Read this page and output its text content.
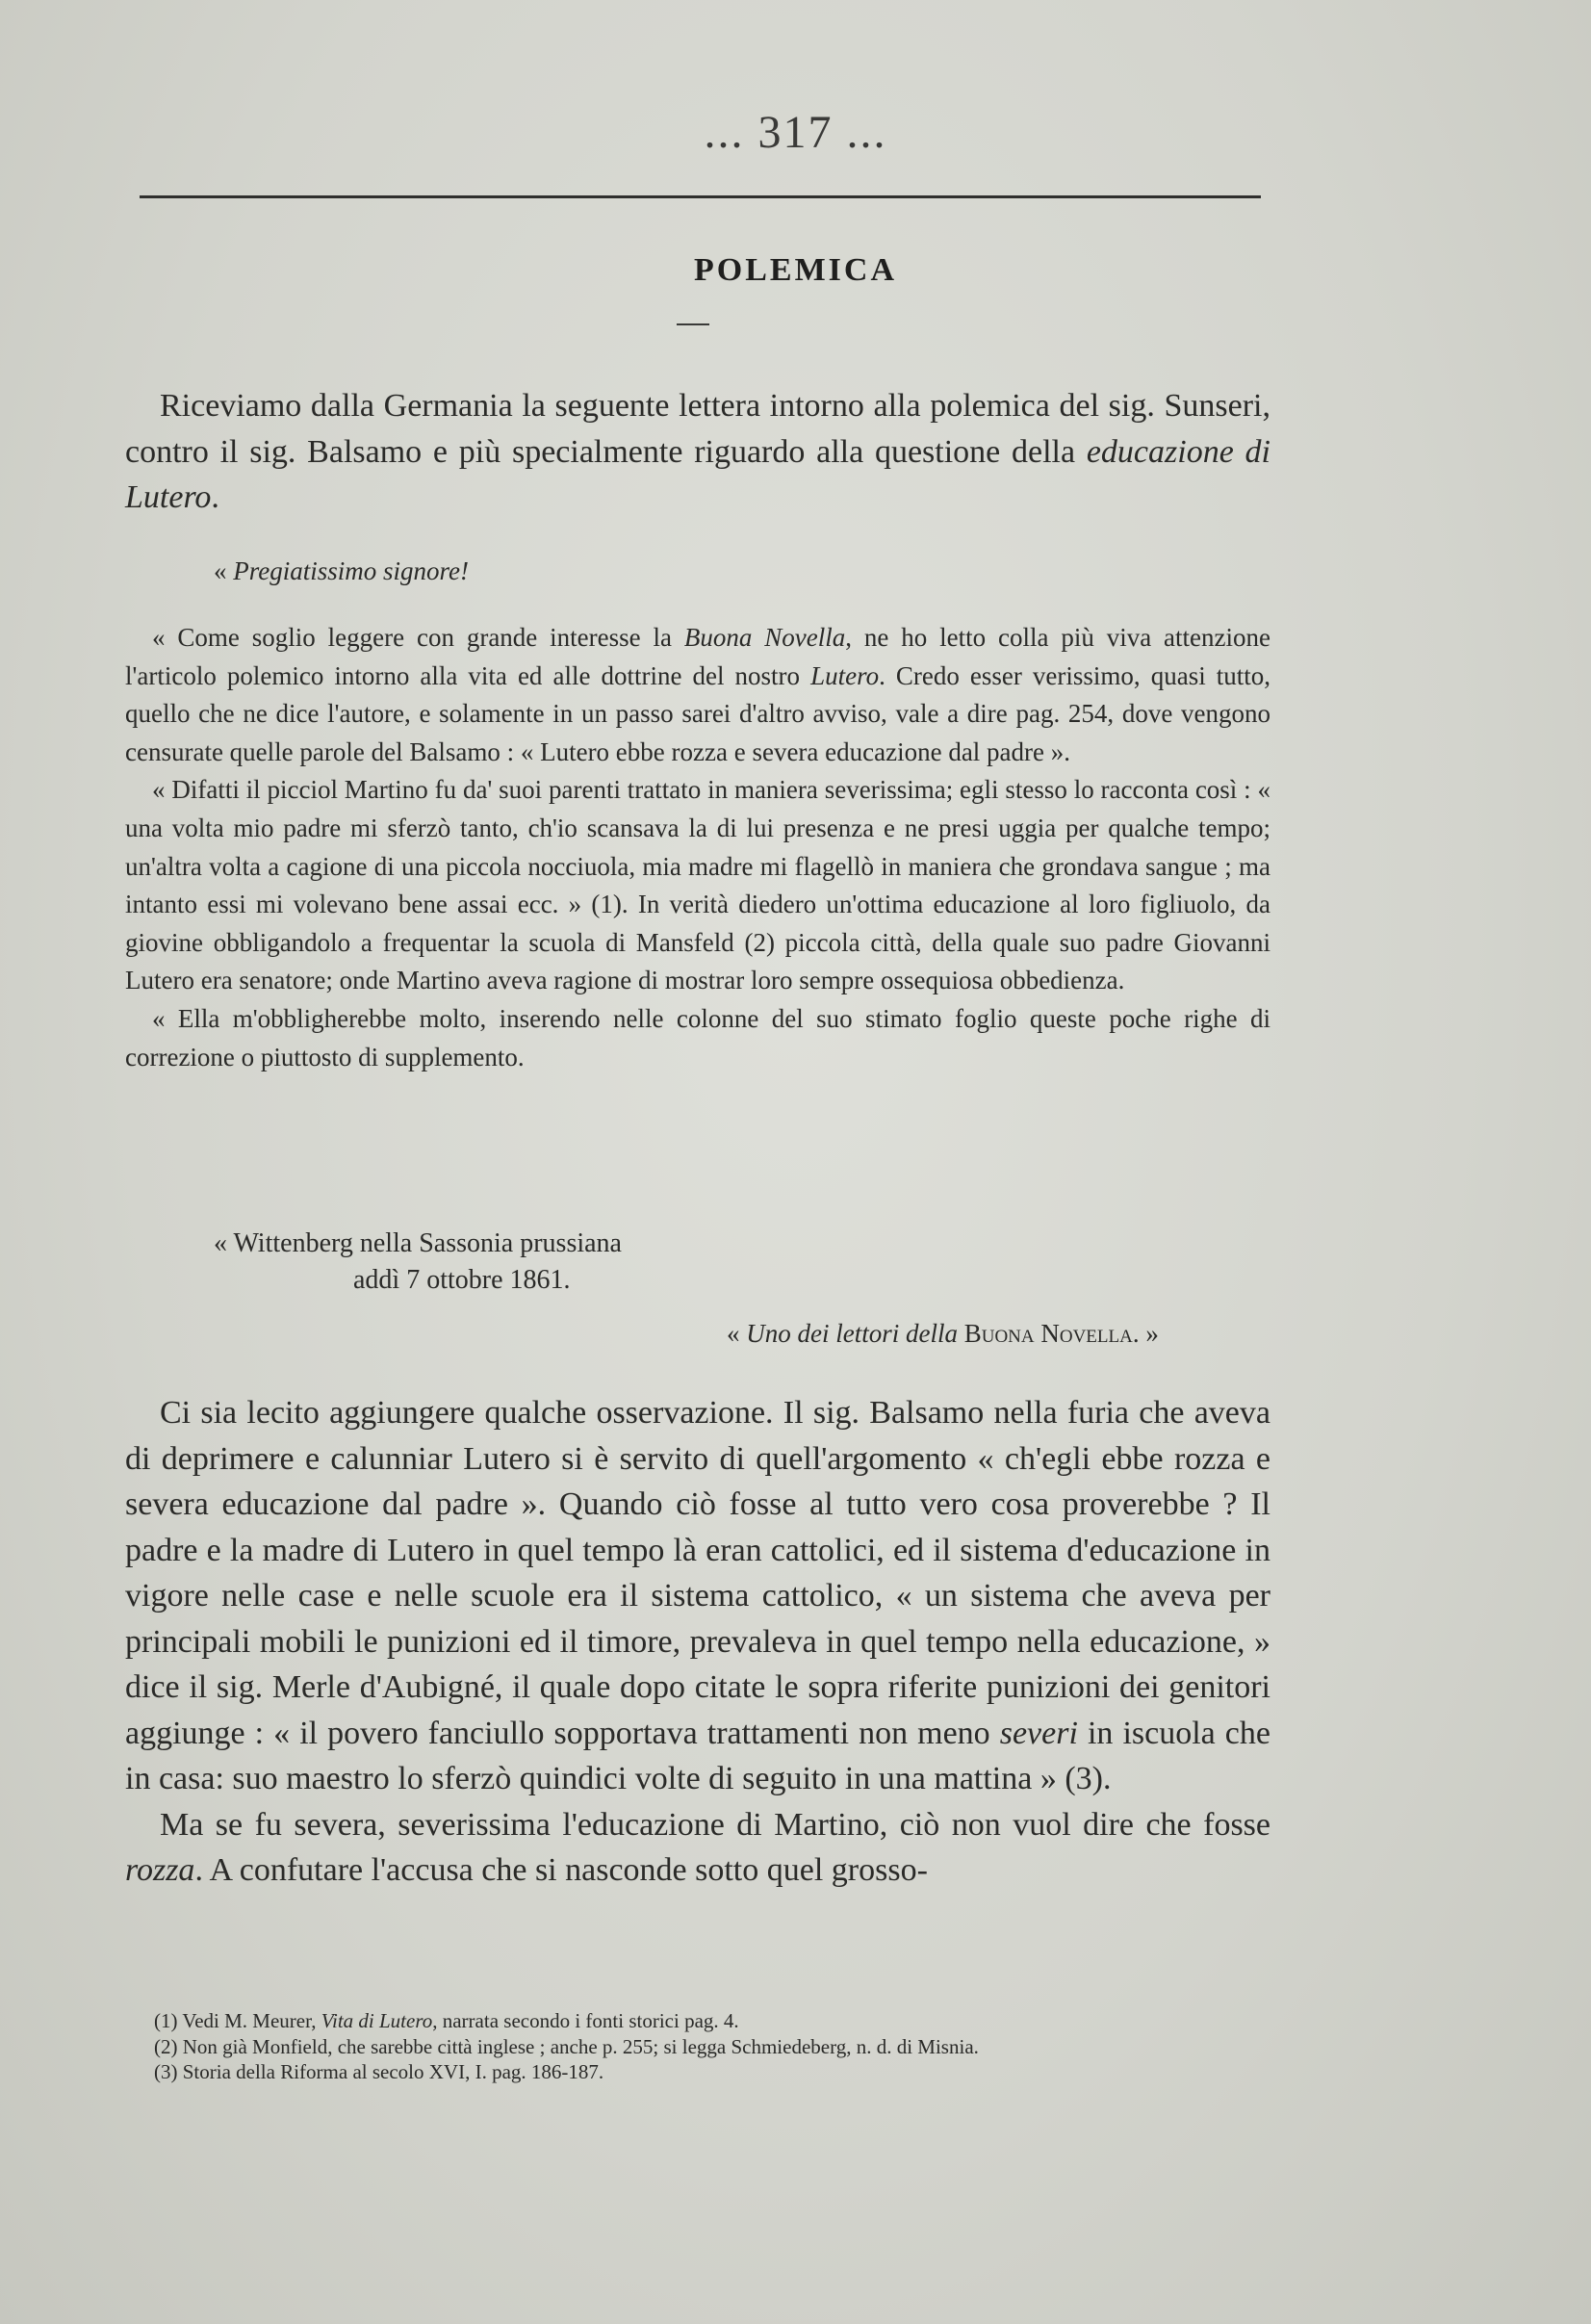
... 317 ...
POLEMICA

Riceviamo dalla Germania la seguente lettera intorno alla polemica del sig. Sunseri, contro il sig. Balsamo e più specialmente riguardo alla questione della educazione di Lutero.

« Pregiatissimo signore!

« Come soglio leggere con grande interesse la Buona Novella, ne ho letto colla più viva attenzione l'articolo polemico intorno alla vita ed alle dottrine del nostro Lutero. Credo esser verissimo, quasi tutto, quello che ne dice l'autore, e solamente in un passo sarei d'altro avviso, vale a dire pag. 254, dove vengono censurate quelle parole del Balsamo : « Lutero ebbe rozza e severa educazione dal padre ».

« Difatti il picciol Martino fu da' suoi parenti trattato in maniera severissima; egli stesso lo racconta così : « una volta mio padre mi sferzò tanto, ch'io scansava la di lui presenza e ne presi uggia per qualche tempo; un'altra volta a cagione di una piccola nocciuola, mia madre mi flagellò in maniera che grondava sangue ; ma intanto essi mi volevano bene assai ecc. » (1). In verità diedero un'ottima educazione al loro figliuolo, da giovine obbligandolo a frequentar la scuola di Mansfeld (2) piccola città, della quale suo padre Giovanni Lutero era senatore; onde Martino aveva ragione di mostrar loro sempre ossequiosa obbedienza.

« Ella m'obbligherebbe molto, inserendo nelle colonne del suo stimato foglio queste poche righe di correzione o piuttosto di supplemento.

« Wittenberg nella Sassonia prussiana
addì 7 ottobre 1861.
« Uno dei lettori della Buona Novella. »

Ci sia lecito aggiungere qualche osservazione. Il sig. Balsamo nella furia che aveva di deprimere e calunniar Lutero si è servito di quell'argomento « ch'egli ebbe rozza e severa educazione dal padre ». Quando ciò fosse al tutto vero cosa proverebbe ? Il padre e la madre di Lutero in quel tempo là eran cattolici, ed il sistema d'educazione in vigore nelle case e nelle scuole era il sistema cattolico, « un sistema che aveva per principali mobili le punizioni ed il timore, prevaleva in quel tempo nella educazione, » dice il sig. Merle d'Aubigné, il quale dopo citate le sopra riferite punizioni dei genitori aggiunge : « il povero fanciullo sopportava trattamenti non meno severi in iscuola che in casa: suo maestro lo sferzò quindici volte di seguito in una mattina » (3).

Ma se fu severa, severissima l'educazione di Martino, ciò non vuol dire che fosse rozza. A confutare l'accusa che si nasconde sotto quel grosso-

(1) Vedi M. Meurer, Vita di Lutero, narrata secondo i fonti storici pag. 4.

(2) Non già Monfield, che sarebbe città inglese ; anche p. 255; si legga Schmiedeberg, n. d. di Misnia.

(3) Storia della Riforma al secolo XVI, I. pag. 186-187.
